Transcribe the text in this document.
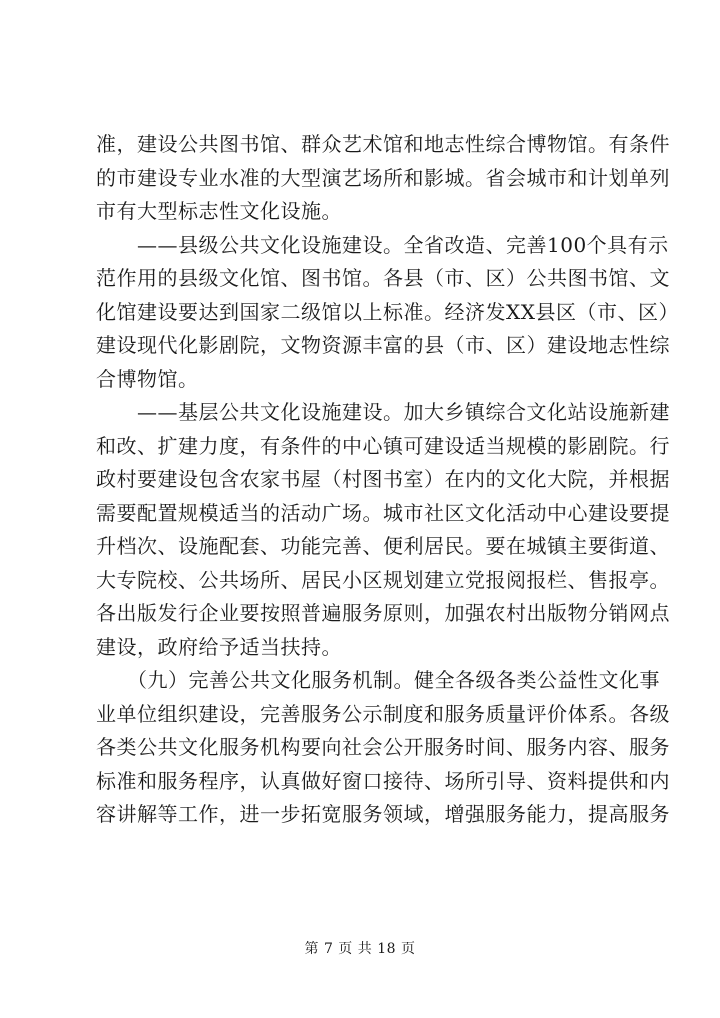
准，建设公共图书馆、群众艺术馆和地志性综合博物馆。有条件
的市建设专业水准的大型演艺场所和影城。省会城市和计划单列
市有大型标志性文化设施。
　　——县级公共文化设施建设。全省改造、完善100个具有示
范作用的县级文化馆、图书馆。各县（市、区）公共图书馆、文
化馆建设要达到国家二级馆以上标准。经济发XX县区（市、区）
建设现代化影剧院，文物资源丰富的县（市、区）建设地志性综
合博物馆。
　　——基层公共文化设施建设。加大乡镇综合文化站设施新建
和改、扩建力度，有条件的中心镇可建设适当规模的影剧院。行
政村要建设包含农家书屋（村图书室）在内的文化大院，并根据
需要配置规模适当的活动广场。城市社区文化活动中心建设要提
升档次、设施配套、功能完善、便利居民。要在城镇主要街道、
大专院校、公共场所、居民小区规划建立党报阅报栏、售报亭。
各出版发行企业要按照普遍服务原则，加强农村出版物分销网点
建设，政府给予适当扶持。
　　（九）完善公共文化服务机制。健全各级各类公益性文化事
业单位组织建设，完善服务公示制度和服务质量评价体系。各级
各类公共文化服务机构要向社会公开服务时间、服务内容、服务
标准和服务程序，认真做好窗口接待、场所引导、资料提供和内
容讲解等工作，进一步拓宽服务领域，增强服务能力，提高服务
第 7 页 共 18 页
